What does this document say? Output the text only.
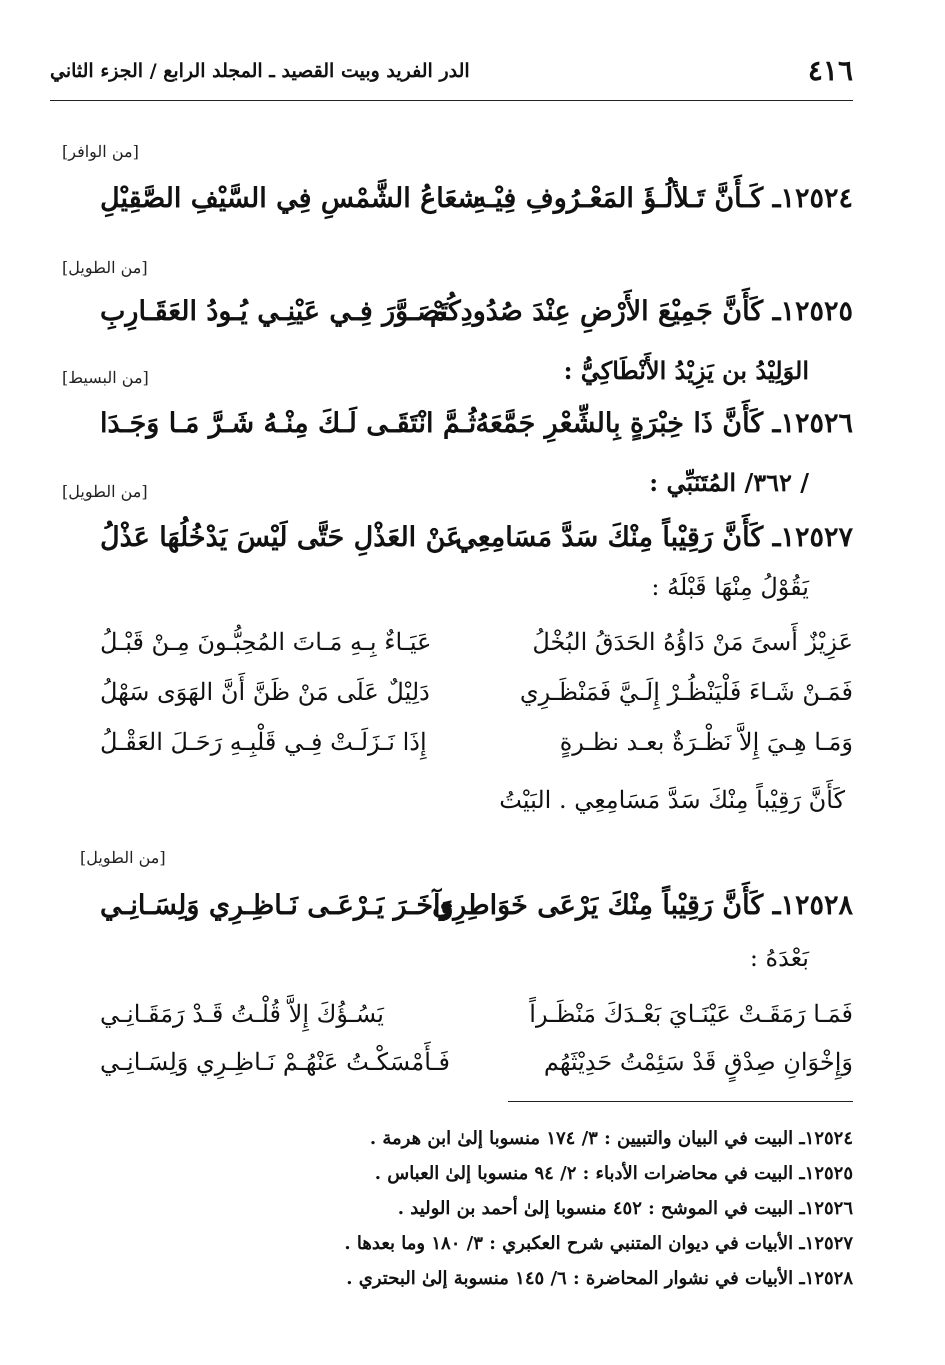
٤١٦
الدر الفريد وبيت القصيد ـ المجلد الرابع / الجزء الثاني
[من الوافر]
١٢٥٢٤ـ كَـأَنَّ تَـلألُـؤَ المَعْـرُوفِ فِيْـهِ
شعَاعُ الشَّمْسِ فِي السَّيْفِ الصَّقِيْلِ
[من الطويل]
١٢٥٢٥ـ كَأَنَّ جَمِيْعَ الأَرْضِ عِنْدَ صُدُودِكُمْ
تَصَـوَّرَ فِـي عَيْنِـي يُـودُ العَقَـارِبِ
الوَلِيْدُ بن يَزِيْدُ الأَنْطَاكِيُّ :
[من البسيط]
١٢٥٢٦ـ كَأَنَّ ذَا خِبْرَةٍ بِالشِّعْرِ جَمَّعَهُ
ثُـمَّ انْتَقَـى لَـكَ مِنْـهُ شَـرَّ مَـا وَجَـدَا
/ ٣٦٢/ المُتَنَبِّي :
[من الطويل]
١٢٥٢٧ـ كَأَنَّ رَقِيْباً مِنْكَ سَدَّ مَسَامِعِي
عَنْ العَذْلِ حَتَّى لَيْسَ يَدْخُلُهَا عَذْلُ
يَقُوْلُ مِنْهَا قَبْلَهُ :
عَزِيْزٌ أَسىً مَنْ دَاؤُهُ الحَدَقُ البُخْلُ
عَيَـاءٌ بِـهِ مَـاتَ المُحِبُّـونَ مِـنْ قَبْـلُ
فَمَـنْ شَـاءَ فَلْيَنْظُـرْ إِلَـيَّ فَمَنْظَـرِي
دَلِيْلٌ عَلَى مَنْ ظَنَّ أَنَّ الهَوَى سَهْلُ
وَمَـا هِـيَ إِلاَّ نَظْـرَةٌ بعـد نظـرةٍ
إِذَا نَـزَلَـتْ فِـي قَلْبِـهِ رَحَـلَ العَقْـلُ
كَأَنَّ رَقِيْباً مِنْكَ سَدَّ مَسَامِعِي . البَيْتُ
[من الطويل]
١٢٥٢٨ـ كَأَنَّ رَقِيْباً مِنْكَ يَرْعَى خَوَاطِرِي
وَآخَـرَ يَـرْعَـى نَـاظِـرِي وَلِسَـانِـي
بَعْدَهُ :
فَمَـا رَمَقَـتْ عَيْنَـايَ بَعْـدَكَ مَنْظَـراً
يَسُـؤُكَ إِلاَّ قُلْـتُ قَـدْ رَمَقَـانِـي
وَإِخْوَانِ صِدْقٍ قَدْ سَئِمْتُ حَدِيْثَهُم
فَـأَمْسَكْـتُ عَنْهُـمْ نَـاظِـرِي وَلِسَـانِـي
١٢٥٢٤ـ البيت في البيان والتبيين : ٣/ ١٧٤ منسوبا إلىٰ ابن هرمة .
١٢٥٢٥ـ البيت في محاضرات الأدباء : ٢/ ٩٤ منسوبا إلىٰ العباس .
١٢٥٢٦ـ البيت في الموشح : ٤٥٢ منسوبا إلىٰ أحمد بن الوليد .
١٢٥٢٧ـ الأبيات في ديوان المتنبي شرح العكبري : ٣/ ١٨٠ وما بعدها .
١٢٥٢٨ـ الأبيات في نشوار المحاضرة : ٦/ ١٤٥ منسوبة إلىٰ البحتري .
